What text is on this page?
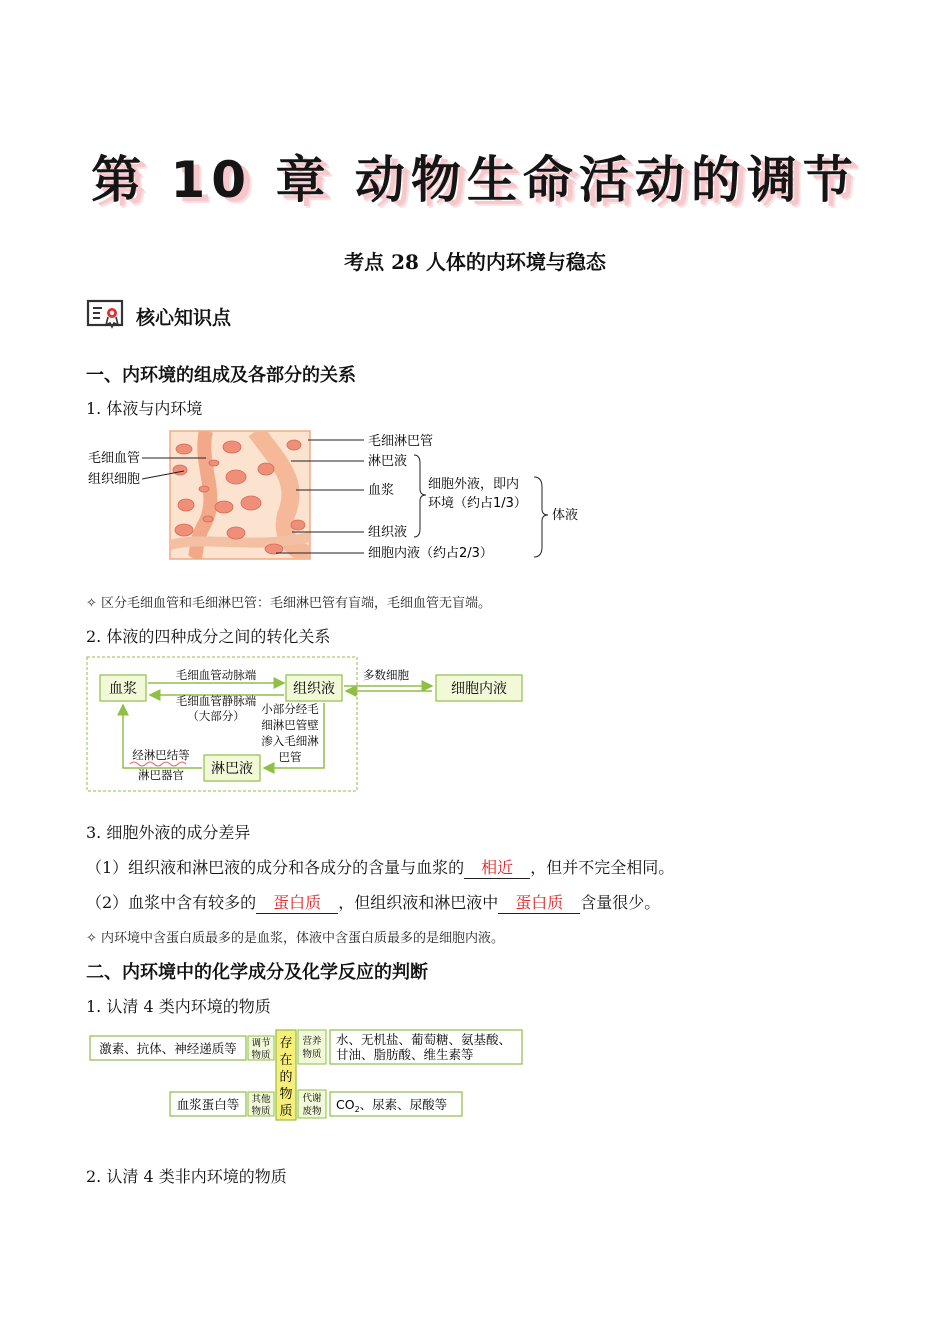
第 10 章 动物生命活动的调节
考点 28 人体的内环境与稳态
核心知识点
一、内环境的组成及各部分的关系
1. 体液与内环境
毛细血管
组织细胞
毛细淋巴管
淋巴液
血浆
组织液
细胞内液（约占2/3）
细胞外液，即内
环境（约占1/3）
体液
✧ 区分毛细血管和毛细淋巴管：毛细淋巴管有盲端，毛细血管无盲端。
2. 体液的四种成分之间的转化关系
血浆	组织液	细胞内液
淋巴液
毛细血管动脉端
毛细血管静脉端
（大部分）
多数细胞
小部分经毛
细淋巴管壁
渗入毛细淋
巴管
经淋巴结等
淋巴器官
3. 细胞外液的成分差异
（1）组织液和淋巴液的成分和各成分的含量与血浆的 相近 ，但并不完全相同。
（2）血浆中含有较多的 蛋白质 ，但组织液和淋巴液中 蛋白质 含量很少。
✧ 内环境中含蛋白质最多的是血浆，体液中含蛋白质最多的是细胞内液。
二、内环境中的化学成分及化学反应的判断
1. 认清 4 类内环境的物质
存
在
的
物
质
激素、抗体、神经递质等 调节
物质
营养
物质
水、无机盐、葡萄糖、氨基酸、
甘油、脂肪酸、维生素等
血浆蛋白等 其他
物质
代谢
废物 $CO_2$、尿素、尿酸等
2. 认清 4 类非内环境的物质
